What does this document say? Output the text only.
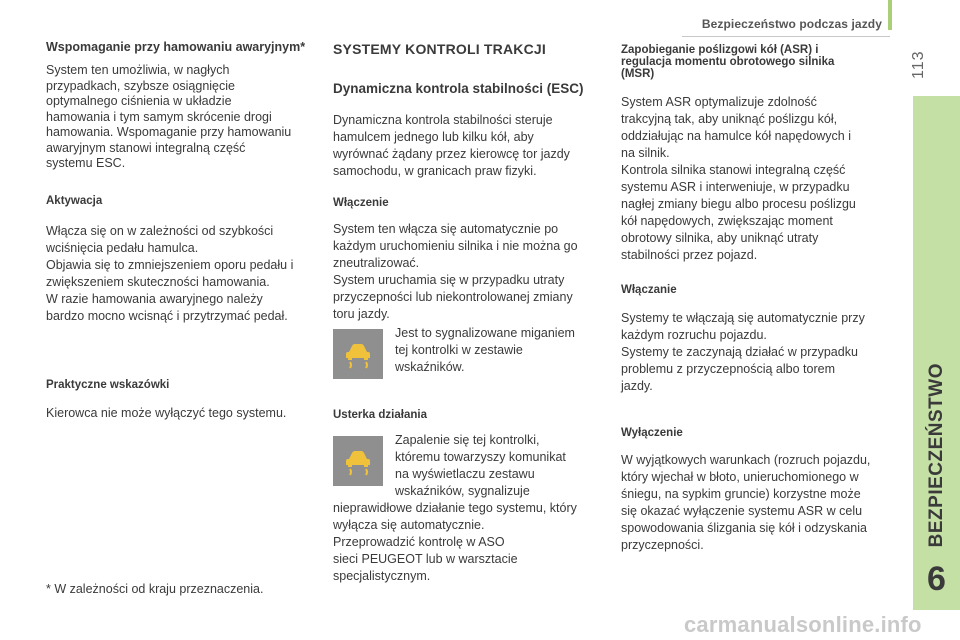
Bezpieczeństwo podczas jazdy
113
BEZPIECZEŃSTWO
6
Wspomaganie przy hamowaniu awaryjnym*

System ten umożliwia, w nagłych
przypadkach, szybsze osiągnięcie
optymalnego ciśnienia w układzie
hamowania i tym samym skrócenie drogi
hamowania. Wspomaganie przy hamowaniu
awaryjnym stanowi integralną część
systemu ESC.

Aktywacja

Włącza się on w zależności od szybkości
wciśnięcia pedału hamulca.
Objawia się to zmniejszeniem oporu pedału i
zwiększeniem skuteczności hamowania.
W razie hamowania awaryjnego należy
bardzo mocno wcisnąć i przytrzymać pedał.

Praktyczne wskazówki

Kierowca nie może wyłączyć tego systemu.

SYSTEMY KONTROLI TRAKCJI
Dynamiczna kontrola stabilności (ESC)

Dynamiczna kontrola stabilności steruje
hamulcem jednego lub kilku kół, aby
wyrównać żądany przez kierowcę tor jazdy
samochodu, w granicach praw fizyki.

Włączenie

System ten włącza się automatycznie po
każdym uruchomieniu silnika i nie można go
zneutralizować.
System uruchamia się w przypadku utraty
przyczepności lub niekontrolowanej zmiany
toru jazdy.

Jest to sygnalizowane miganiem
tej kontrolki w zestawie
wskaźników.

Usterka działania

Zapalenie się tej kontrolki,
któremu towarzyszy komunikat
na wyświetlaczu zestawu
wskaźników, sygnalizuje

nieprawidłowe działanie tego systemu, który
wyłącza się automatycznie.
Przeprowadzić kontrolę w ASO
sieci PEUGEOT lub w warsztacie
specjalistycznym.

Zapobieganie poślizgowi kół (ASR) i
regulacja momentu obrotowego silnika
(MSR)

System ASR optymalizuje zdolność
trakcyjną tak, aby uniknąć poślizgu kół,
oddziałując na hamulce kół napędowych i
na silnik.
Kontrola silnika stanowi integralną część
systemu ASR i interweniuje, w przypadku
nagłej zmiany biegu albo procesu poślizgu
kół napędowych, zwiększając moment
obrotowy silnika, aby uniknąć utraty
stabilności przez pojazd.

Włączanie

Systemy te włączają się automatycznie przy
każdym rozruchu pojazdu.
Systemy te zaczynają działać w przypadku
problemu z przyczepnością albo torem
jazdy.

Wyłączenie

W wyjątkowych warunkach (rozruch pojazdu,
który wjechał w błoto, unieruchomionego w
śniegu, na sypkim gruncie) korzystne może
się okazać wyłączenie systemu ASR w celu
spowodowania ślizgania się kół i odzyskania
przyczepności.

* W zależności od kraju przeznaczenia.
carmanualsonline.info
